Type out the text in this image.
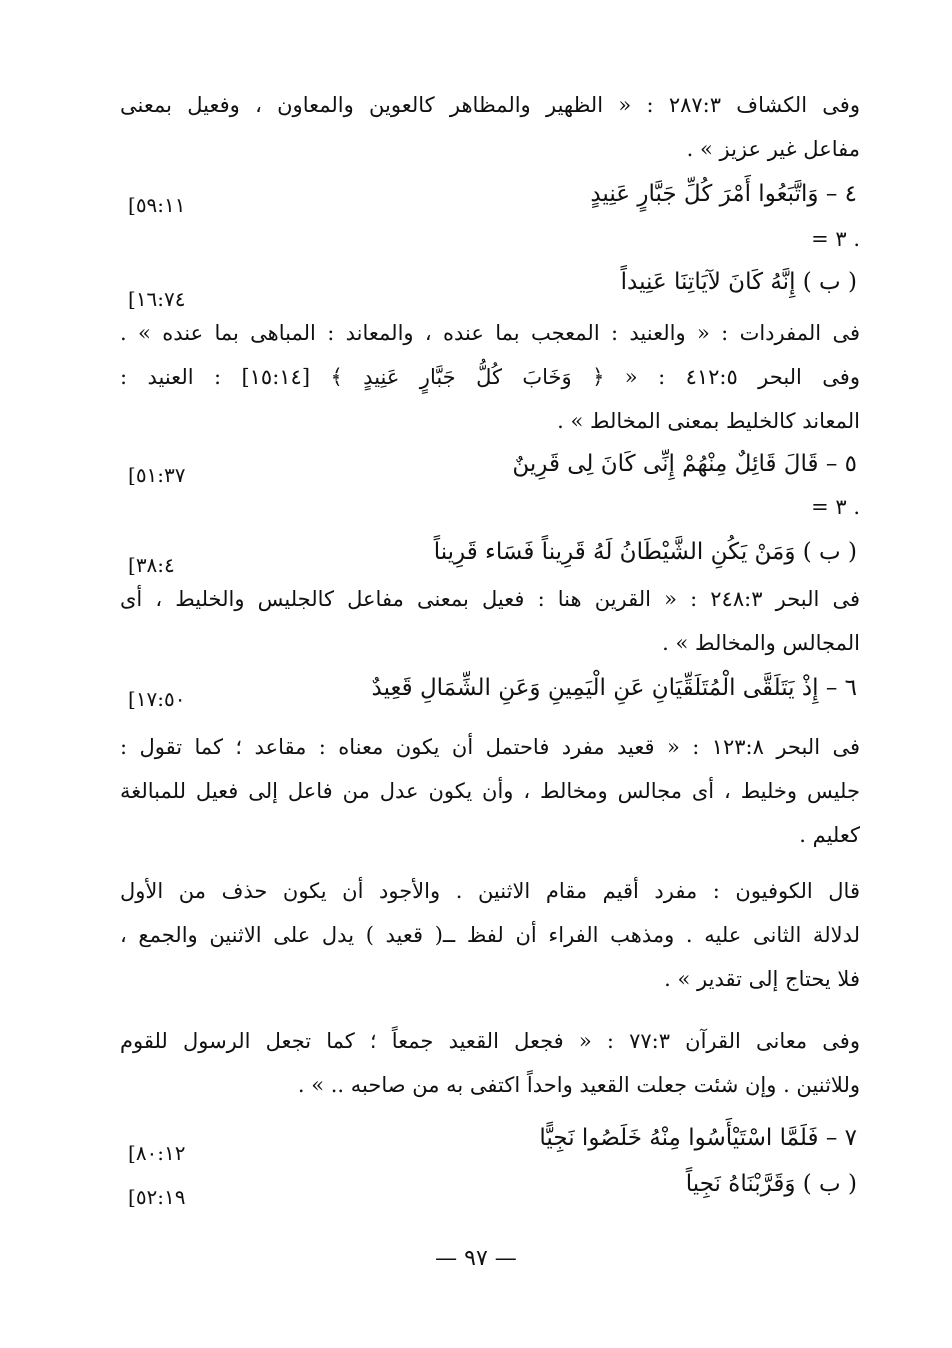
وفى الكشاف ٢٨٧:٣ : « الظهير والمظاهر كالعوين والمعاون ، وفعيل بمعنى
مفاعل غير عزيز » .
٤ – وَاتَّبَعُوا أَمْرَ كُلِّ جَبَّارٍ عَنِيدٍ
[٥٩:١١
. ٣ =
( ب ) إِنَّهُ كَانَ لآيَاتِنَا عَنِيداً
[١٦:٧٤
فى المفردات : « والعنيد : المعجب بما عنده ، والمعاند : المباهى بما عنده » .
وفى البحر ٤١٢:٥ : « ﴿ وَخَابَ كُلُّ جَبَّارٍ عَنِيدٍ ﴾ [١٥:١٤] : العنيد :
المعاند كالخليط بمعنى المخالط » .
٥ – قَالَ قَائِلٌ مِنْهُمْ إِنِّى كَانَ لِى قَرِينٌ
[٥١:٣٧
. ٣ =
( ب ) وَمَنْ يَكُنِ الشَّيْطَانُ لَهُ قَرِيناً فَسَاء قَرِيناً
[٣٨:٤
فى البحر ٢٤٨:٣ : « القرين هنا : فعيل بمعنى مفاعل كالجليس والخليط ، أى
المجالس والمخالط » .
٦ – إِذْ يَتَلَقَّى الْمُتَلَقِّيَانِ عَنِ الْيَمِينِ وَعَنِ الشِّمَالِ قَعِيدٌ
[١٧:٥٠
فى البحر ١٢٣:٨ : « قعيد مفرد فاحتمل أن يكون معناه : مقاعد ؛ كما تقول :
جليس وخليط ، أى مجالس ومخالط ، وأن يكون عدل من فاعل إلى فعيل للمبالغة
كعليم .
قال الكوفيون : مفرد أقيم مقام الاثنين . والأجود أن يكون حذف من الأول
لدلالة الثانى عليه . ومذهب الفراء أن لفظ ــ( قعيد ) يدل على الاثنين والجمع ،
فلا يحتاج إلى تقدير » .
وفى معانى القرآن ٧٧:٣ : « فجعل القعيد جمعاً ؛ كما تجعل الرسول للقوم
وللاثنين . وإن شئت جعلت القعيد واحداً اكتفى به من صاحبه .. » .
٧ – فَلَمَّا اسْتَيْأَسُوا مِنْهُ خَلَصُوا نَجِيًّا
[٨٠:١٢
( ب ) وَقَرَّبْنَاهُ نَجِياً
[٥٢:١٩
— ٩٧ —
